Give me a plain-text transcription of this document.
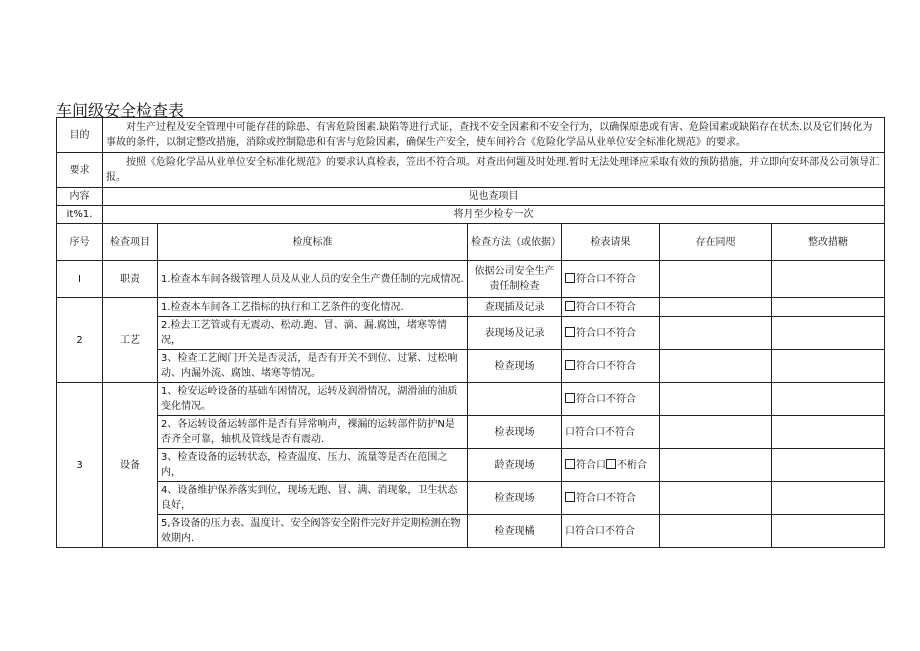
车间级安全检查表
目的	对生产过程及安全管理中可能存荏的除患、有害危险图素.缺陷等进行式证，查找不安全因素和不安全行为，以确保原患或有害、危险国素或缺陷存在状杰.以及它们转化为事故的条件，以制定整改措施，消除或控制隐患和有害与危险因素，确保生产安全，使车间衿合《危险化学品从业单位安全标准化规范》的要求。					
要求	按照《危险化学品从业单位安全标准化规范》的要求认真检表，笠出不符合项。对查出何题及时处理.暂时无法处理译应采取有效的预防措施，并立即向安环部及公司领导汇报。					
内容	见也查项目					
it%1.	将月至少检专一次					
序号	检查项目	检度标准	检查方法（或依据）	检表请果	存在同咫	整改措糖
I	职责	1.检查本车间各级管理人员及从业人员的安全生产费任制的完成情况.	依据公司安全生产责任制检查	符合口不符合		
2	工艺	1.检查本车间各工艺指标的执行和工艺条件的变化情况.	查现插及记录	符合口不符合		
		2.检去工艺管或有无震动、松动.跑、冒、滴、漏.腐蚀，堵寒等情况，	表现场及记录	符合口不符合		
		3、检查工艺阀门开关是否灵活，是否有开关不到位、过紧、过松响动、内漏外流、腐蚀、堵寒等情况。	检查现场	符合口不符合		
3	设备	1、检安运岭设备的基础车困情况，运转及润滑情况，湖滑油的油质变化情况。		符合口不符合		
		2、各运转设备运转部件是否有异常响声，裸漏的运转部件防护N是否齐全可靠，轴机及管线是否有震动.	检表现场	口符合口不符合		
		3、检查设备的运转状态，检查温度、压力、流量等是否在范围之内，	龄查现场	符合口 不桁合		
		4、设备维护保养落实到位，现场无跑、冒、满、消现象，卫生状态良好，	检查现场	符合口不符合		
		5,各设备的压力表、温度计、安全阀答安全附件完好并定期检测在物效期内.	检查现橘	口符合口不符合		
